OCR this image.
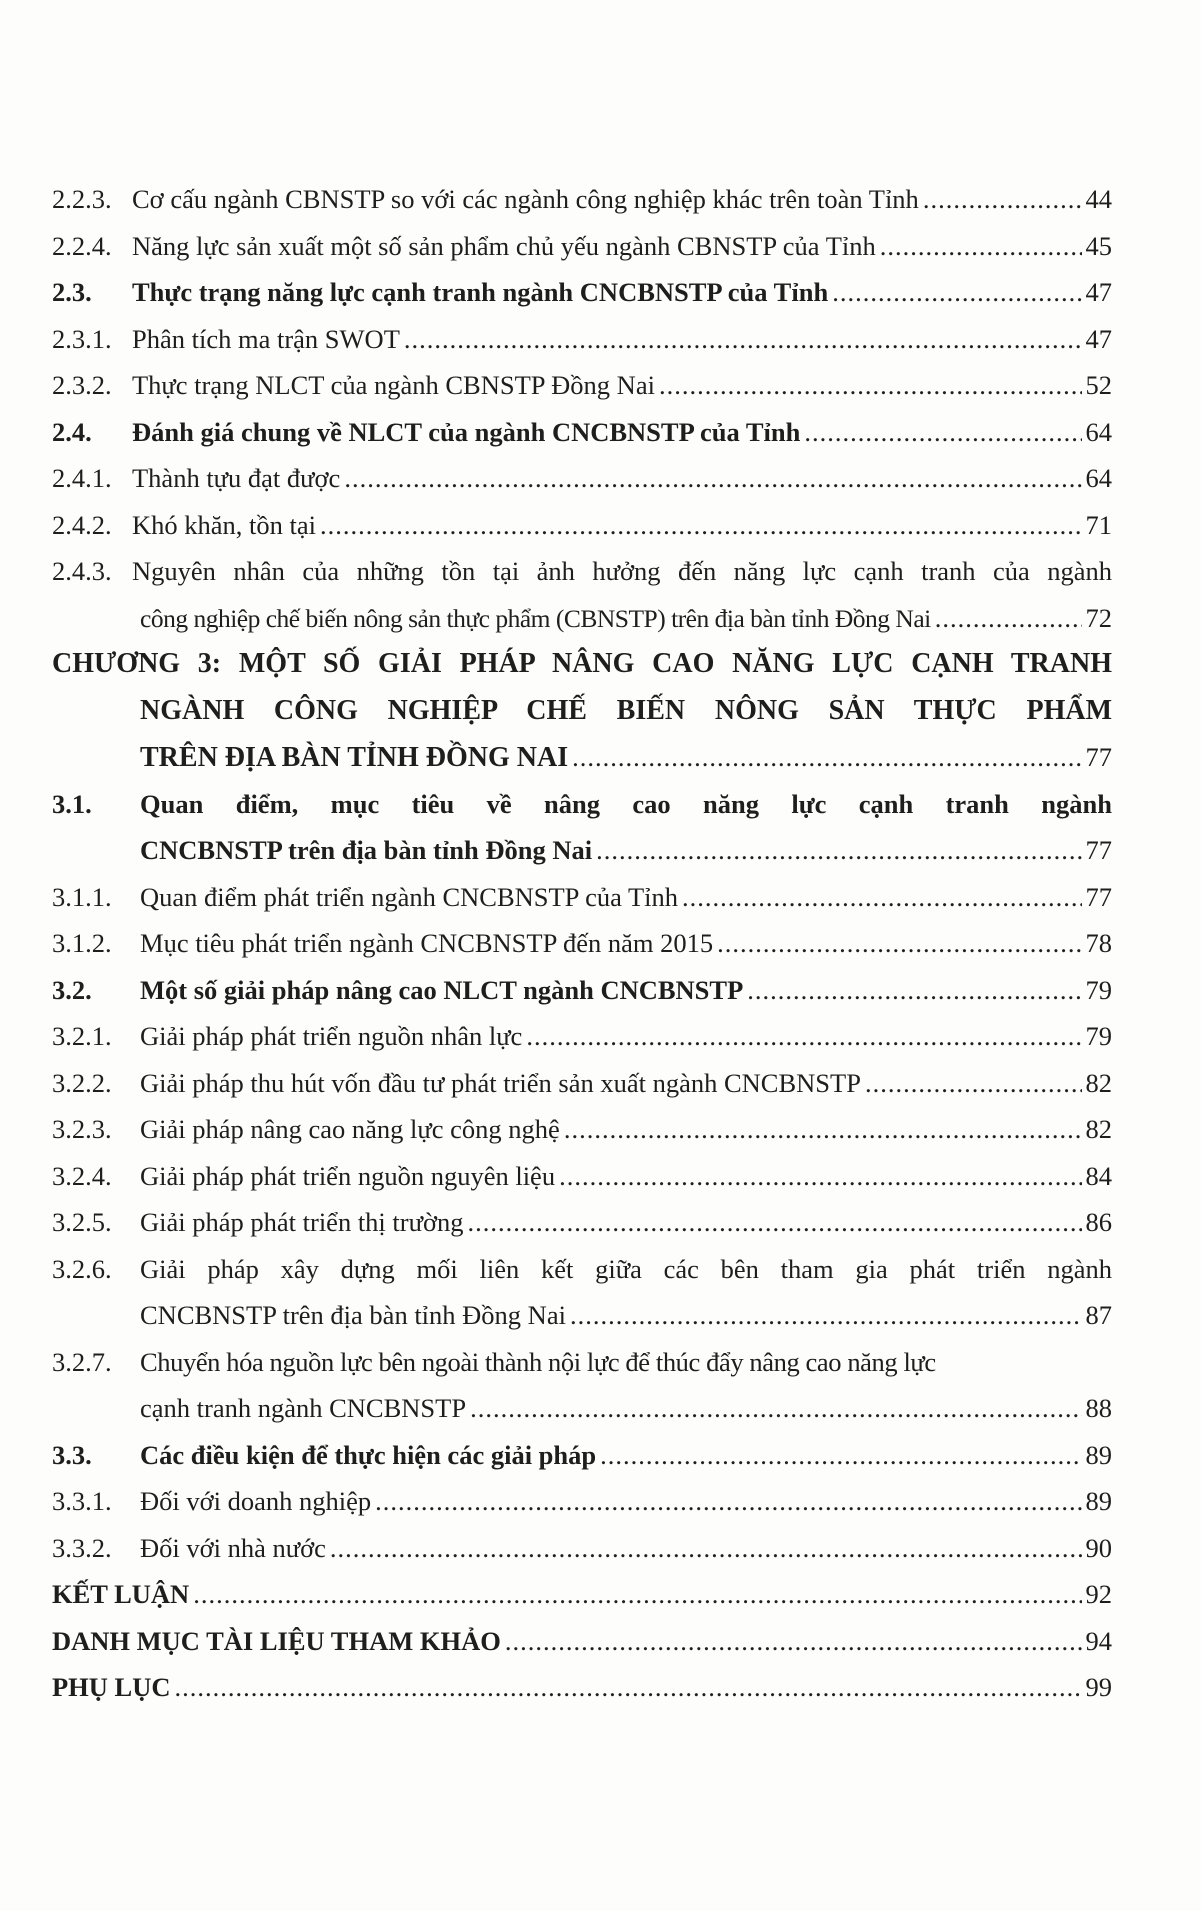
2.2.3. Cơ cấu ngành CBNSTP so với các ngành công nghiệp khác trên toàn Tỉnh .....	44
2.2.4. Năng lực sản xuất một số sản phẩm chủ yếu ngành CBNSTP của Tỉnh .....	45
2.3.	Thực trạng năng lực cạnh tranh ngành CNCBNSTP của Tỉnh .....	47
2.3.1. Phân tích ma trận SWOT .....	47
2.3.2. Thực trạng NLCT của ngành CBNSTP Đồng Nai .....	52
2.4.	Đánh giá chung về NLCT của ngành CNCBNSTP của Tỉnh .....	64
2.4.1. Thành tựu đạt được .....	64
2.4.2. Khó khăn, tồn tại .....	71
2.4.3. Nguyên nhân của những tồn tại ảnh hưởng đến năng lực cạnh tranh của ngành
công nghiệp chế biến nông sản thực phẩm (CBNSTP) trên địa bàn tỉnh Đồng Nai .....	72
CHƯƠNG 3: MỘT SỐ GIẢI PHÁP NÂNG CAO NĂNG LỰC CẠNH TRANH
NGÀNH CÔNG NGHIỆP CHẾ BIẾN NÔNG SẢN THỰC PHẨM
TRÊN ĐỊA BÀN TỈNH ĐỒNG NAI .....	77
3.1.	Quan điểm, mục tiêu về nâng cao năng lực cạnh tranh ngành
CNCBNSTP trên địa bàn tỉnh Đồng Nai .....	77
3.1.1.	Quan điểm phát triển ngành CNCBNSTP của Tỉnh .....	77
3.1.2.	Mục tiêu phát triển ngành CNCBNSTP đến năm 2015 .....	78
3.2.	Một số giải pháp nâng cao NLCT ngành CNCBNSTP .....	79
3.2.1.	Giải pháp phát triển nguồn nhân lực .....	79
3.2.2.	Giải pháp thu hút vốn đầu tư phát triển sản xuất ngành CNCBNSTP .....	82
3.2.3.	Giải pháp nâng cao năng lực công nghệ .....	82
3.2.4.	Giải pháp phát triển nguồn nguyên liệu .....	84
3.2.5.	Giải pháp phát triển thị trường .....	86
3.2.6.	Giải pháp xây dựng mối liên kết giữa các bên tham gia phát triển ngành
CNCBNSTP trên địa bàn tỉnh Đồng Nai .....	87
3.2.7.	Chuyển hóa nguồn lực bên ngoài thành nội lực để thúc đẩy nâng cao năng lực
cạnh tranh ngành CNCBNSTP .....	88
3.3.	Các điều kiện để thực hiện các giải pháp .....	89
3.3.1.	Đối với doanh nghiệp .....	89
3.3.2.	Đối với nhà nước .....	90
KẾT LUẬN .....	92
DANH MỤC TÀI LIỆU THAM KHẢO .....	94
PHỤ LỤC .....	99
